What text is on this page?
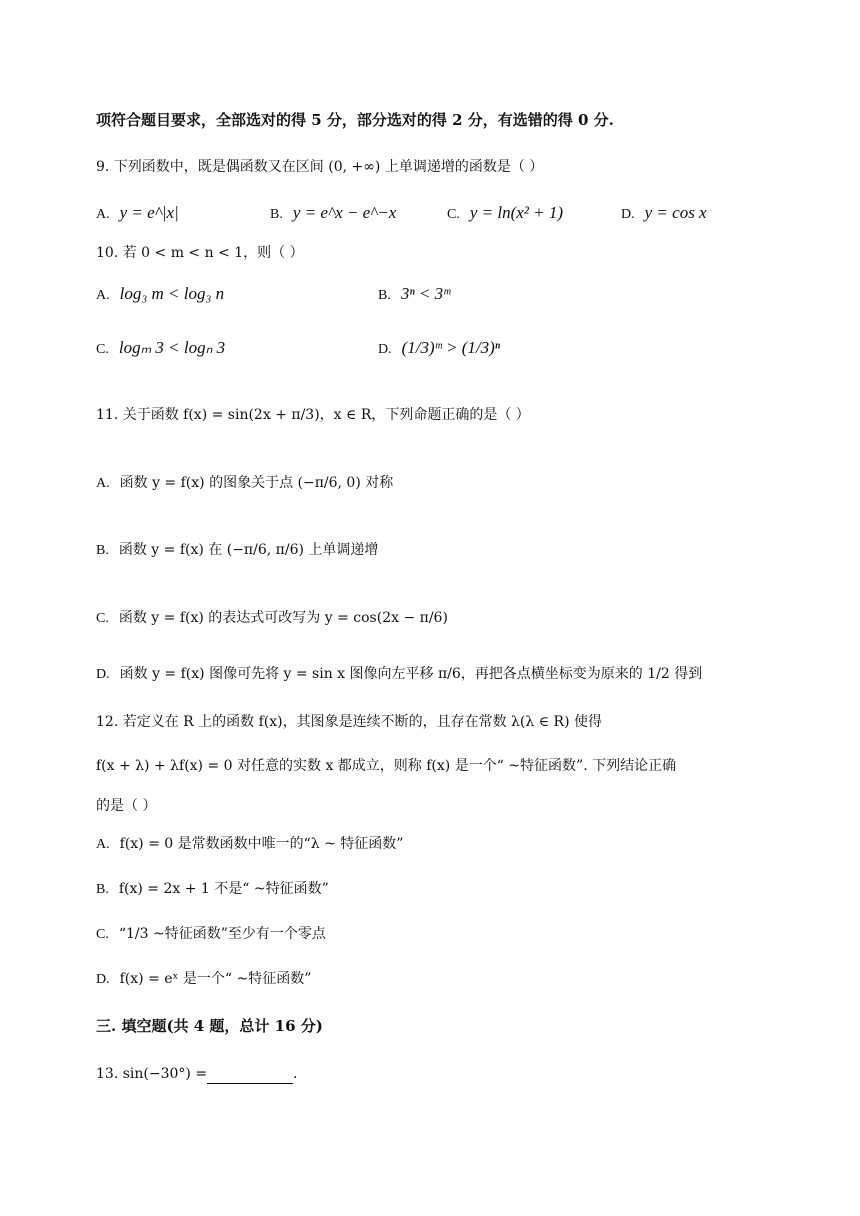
项符合题目要求，全部选对的得 5 分，部分选对的得 2 分，有选错的得 0 分.
9. 下列函数中，既是偶函数又在区间 (0, +∞) 上单调递增的函数是（ ）
A. y = e^|x|	B. y = e^x − e^−x	C. y = ln(x² + 1)	D. y = cos x
10. 若 0 < m < n < 1，则（ ）
A. log₃ m < log₃ n	B. 3ⁿ < 3ᵐ
C. logₘ 3 < logₙ 3	D. (1/3)ᵐ > (1/3)ⁿ
11. 关于函数 f(x) = sin(2x + π/3)，x ∈ R，下列命题正确的是（ ）
A. 函数 y = f(x) 的图象关于点 (−π/6, 0) 对称
B. 函数 y = f(x) 在 (−π/6, π/6) 上单调递增
C. 函数 y = f(x) 的表达式可改写为 y = cos(2x − π/6)
D. 函数 y = f(x) 图像可先将 y = sin x 图像向左平移 π/6，再把各点横坐标变为原来的 1/2 得到
12. 若定义在 R 上的函数 f(x)，其图象是连续不断的，且存在常数 λ(λ ∈ R) 使得
f(x + λ) + λf(x) = 0 对任意的实数 x 都成立，则称 f(x) 是一个“ ~特征函数”. 下列结论正确
的是（ ）
A. f(x) = 0 是常数函数中唯一的“λ ~ 特征函数”
B. f(x) = 2x + 1 不是“ ~特征函数”
C. “1/3 ~特征函数”至少有一个零点
D. f(x) = eˣ 是一个“ ~特征函数”
三. 填空题(共 4 题，总计 16 分)
13. sin(−30°) =	.
